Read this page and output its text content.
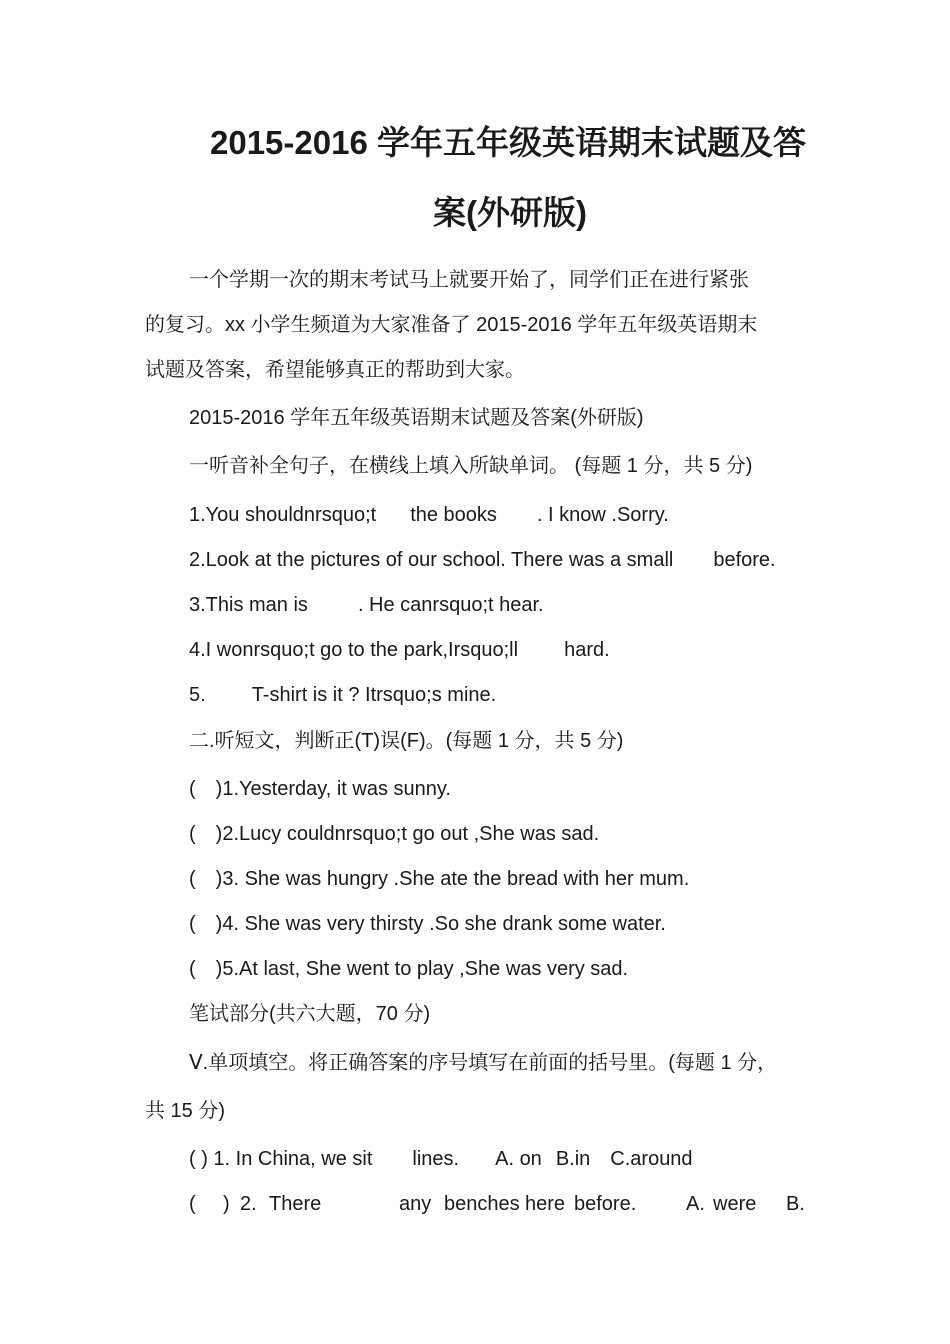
2015-2016 学年五年级英语期末试题及答
案(外研版)
一个学期一次的期末考试马上就要开始了，同学们正在进行紧张
的复习。xx 小学生频道为大家准备了 2015-2016 学年五年级英语期末
试题及答案，希望能够真正的帮助到大家。
2015-2016 学年五年级英语期末试题及答案(外研版)
一听音补全句子，在横线上填入所缺单词。 (每题 1 分，共 5 分)
1.You shouldnrsquo;t the books . I know .Sorry.
2.Look at the pictures of our school. There was a small before.
3.This man is	. He canrsquo;t hear.
4.I wonrsquo;t go to the park,Irsquo;ll hard.
5. T-shirt is it ? Itrsquo;s mine.
二.听短文，判断正(T)误(F)。(每题 1 分，共 5 分)
( )1.Yesterday, it was sunny.
( )2.Lucy couldnrsquo;t go out ,She was sad.
( )3. She was hungry .She ate the bread with her mum.
( )4. She was very thirsty .So she drank some water.
( )5.At last, She went to play ,She was very sad.
笔试部分(共六大题，70 分)
Ⅴ.单项填空。将正确答案的序号填写在前面的括号里。(每题 1 分，
共 15 分)
( ) 1. In China, we sit lines. A. on B.in C.around
( ) 2. There	any benches here before. A. were B.
